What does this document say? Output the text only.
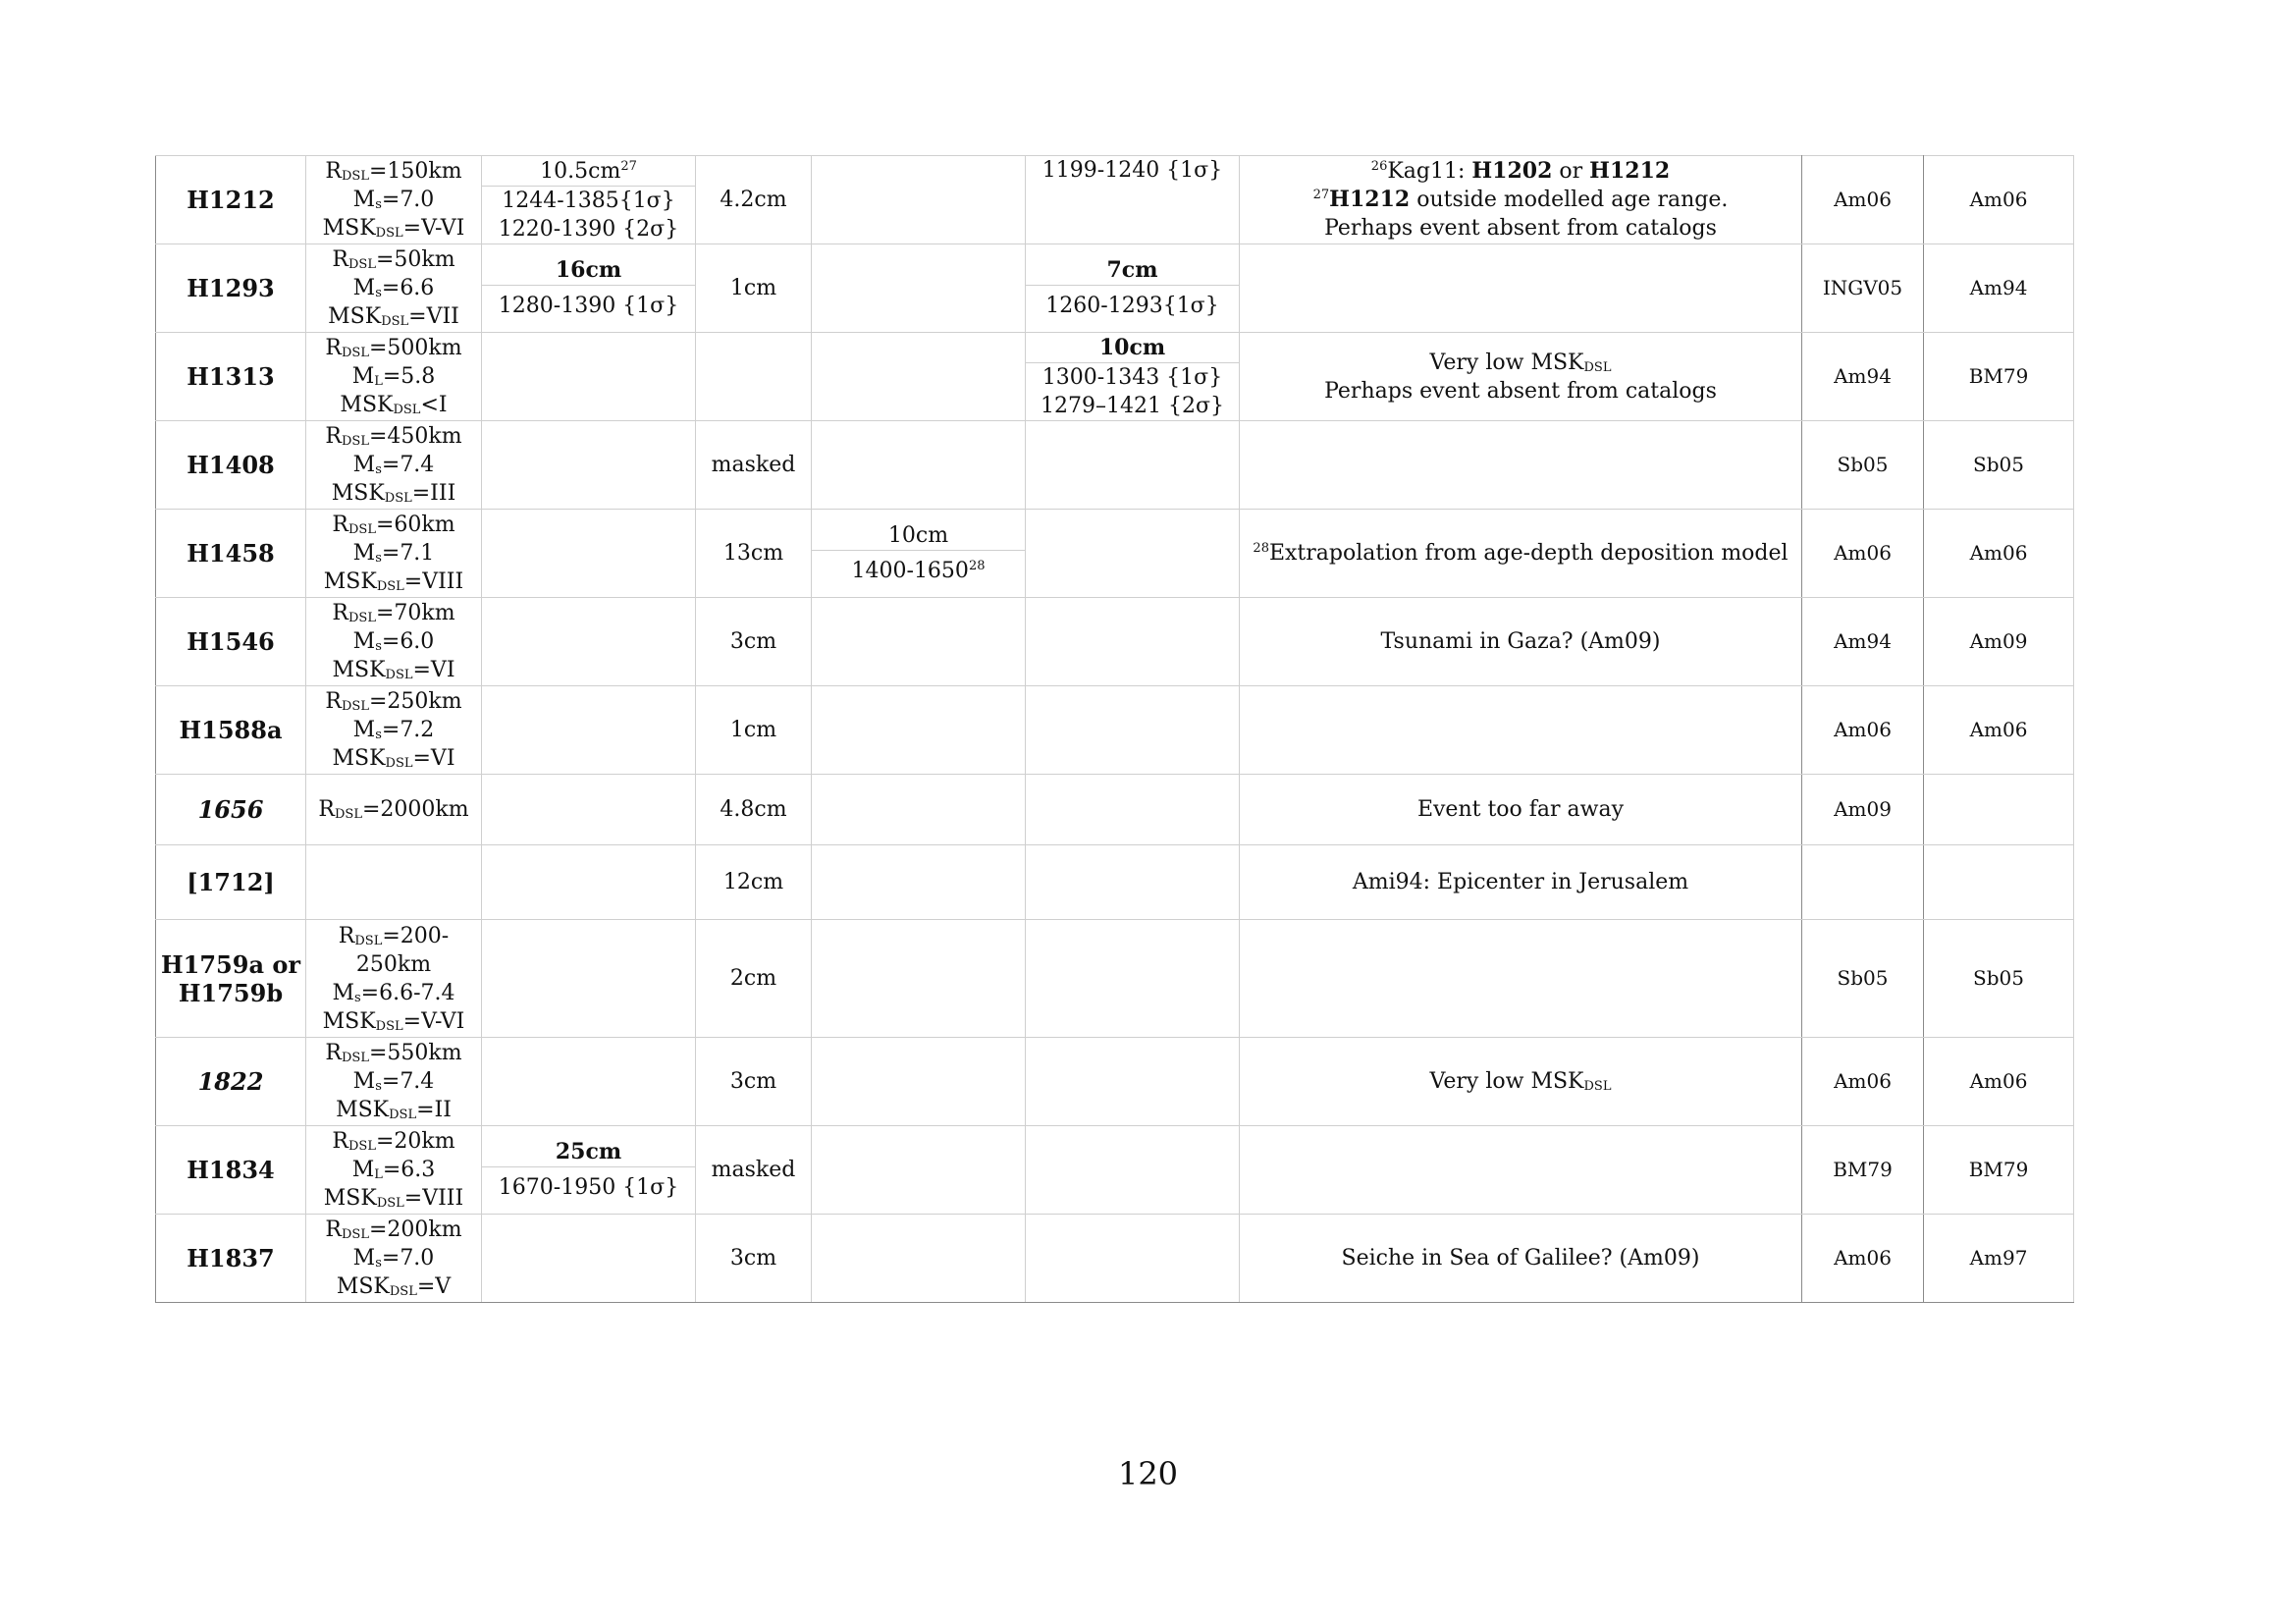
H1212	$R_{DSL}=150km$
$M_s=7.0$
$MSK_{DSL}=V-VI$	$10.5cm^{27}$
1244-1385{1σ}
1220-1390 {2σ}	4.2cm		1199-1240 {1σ}	$^{26}$Kag11: H1202 or H1212
$^{27}$H1212 outside modelled age range.
Perhaps event absent from catalogs	Am06	Am06
H1293	$R_{DSL}=50km$
$M_s=6.6$
$MSK_{DSL}=VII$	16cm
1280-1390 {1σ}	1cm		7cm
1260-1293{1σ}		INGV05	Am94
H1313	$R_{DSL}=500km$
$M_L=5.8$
$MSK_{DSL}<I$				10cm
1300-1343 {1σ}
1279–1421 {2σ}	Very low $MSK_{DSL}$
Perhaps event absent from catalogs	Am94	BM79
H1408	$R_{DSL}=450km$
$M_s=7.4$
$MSK_{DSL}=III$		masked				Sb05	Sb05
H1458	$R_{DSL}=60km$
$M_s=7.1$
$MSK_{DSL}=VIII$		13cm	10cm
1400-1650$^{28}$		$^{28}$Extrapolation from age-depth deposition model	Am06	Am06
H1546	$R_{DSL}=70km$
$M_s=6.0$
$MSK_{DSL}=VI$		3cm			Tsunami in Gaza? (Am09)	Am94	Am09
H1588a	$R_{DSL}=250km$
$M_s=7.2$
$MSK_{DSL}=VI$		1cm				Am06	Am06
1656	$R_{DSL}=2000km$		4.8cm			Event too far away	Am09	
[1712]			12cm			Ami94: Epicenter in Jerusalem		

H1759a or
H1759b	$R_{DSL}=200-$
250km
$M_s=6.6-7.4$
$MSK_{DSL}=V-VI$		2cm				Sb05	Sb05
1822	$R_{DSL}=550km$
$M_s=7.4$
$MSK_{DSL}=II$		3cm			Very low $MSK_{DSL}$	Am06	Am06
H1834	$R_{DSL}=20km$
$M_L=6.3$
$MSK_{DSL}=VIII$	25cm
1670-1950 {1σ}	masked				BM79	BM79
H1837	$R_{DSL}=200km$
$M_s=7.0$
$MSK_{DSL}=V$		3cm			Seiche in Sea of Galilee? (Am09)	Am06	Am97
120
